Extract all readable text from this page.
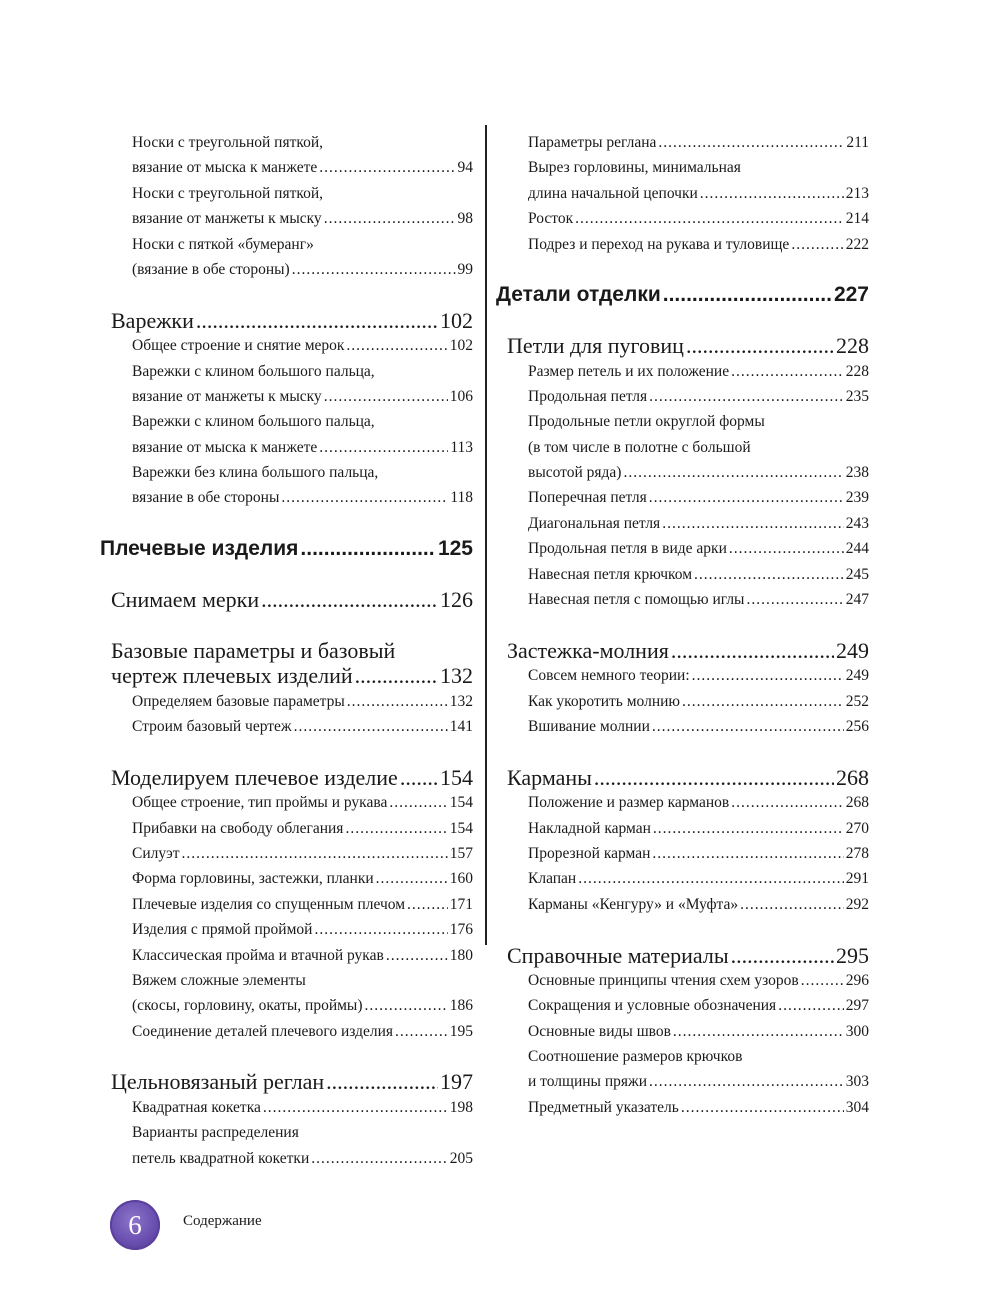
Носки с треугольной пяткой,
вязание от мыска к манжете .....	94
Носки с треугольной пяткой,
вязание от манжеты к мыску .....	98
Носки с пяткой «бумеранг»
(вязание в обе стороны) .....	99
Варежки .....	102
Общее строение и снятие мерок .....	102
Варежки с клином большого пальца,
вязание от манжеты к мыску .....	106
Варежки с клином большого пальца,
вязание от мыска к манжете .....	113
Варежки без клина большого пальца,
вязание в обе стороны .....	118
Плечевые изделия .....	125
Снимаем мерки .....	126
Базовые параметры и базовый
чертеж плечевых изделий .....	132
Определяем базовые параметры .....	132
Строим базовый чертеж .....	141
Моделируем плечевое изделие ..... 154
Общее строение, тип проймы и рукава .....	154
Прибавки на свободу облегания .....	154
Силуэт .....	157
Форма горловины, застежки, планки .....	160
Плечевые изделия со спущенным плечом .....	171
Изделия с прямой проймой .....	176
Классическая пройма и втачной рукав .....	180
Вяжем сложные элементы
(скосы, горловину, окаты, проймы) .....	186
Соединение деталей плечевого изделия .....	195
Цельновязаный реглан .....	197
Квадратная кокетка .....	198
Варианты распределения
петель квадратной кокетки .....	205
Параметры реглана .....	211
Вырез горловины, минимальная
длина начальной цепочки .....	213
Росток .....	214
Подрез и переход на рукава и туловище .....	222
Детали отделки .....	227
Петли для пуговиц .....	228
Размер петель и их положение .....	228
Продольная петля .....	235
Продольные петли округлой формы
(в том числе в полотне с большой
высотой ряда) .....	238
Поперечная петля .....	239
Диагональная петля .....	243
Продольная петля в виде арки .....	244
Навесная петля крючком .....	245
Навесная петля с помощью иглы .....	247
Застежка-молния .....	249
Совсем немного теории: .....	249
Как укоротить молнию .....	252
Вшивание молнии .....	256
Карманы .....	268
Положение и размер карманов .....	268
Накладной карман .....	270
Прорезной карман .....	278
Клапан .....	291
Карманы «Кенгуру» и «Муфта» .....	292
Справочные материалы .....	295
Основные принципы чтения схем узоров .....	296
Сокращения и условные обозначения .....	297
Основные виды швов .....	300
Соотношение размеров крючков
и толщины пряжи .....	303
Предметный указатель .....	304
6	Содержание
